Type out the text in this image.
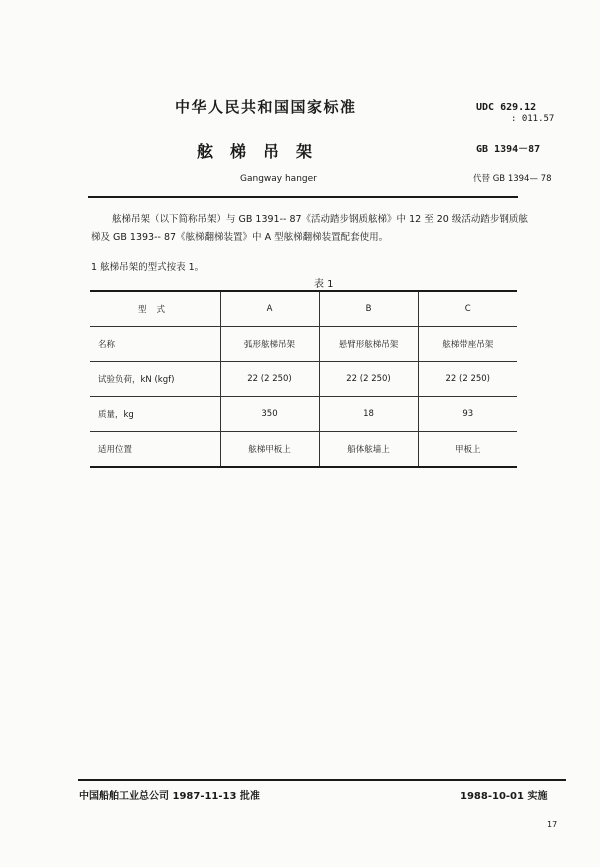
中华人民共和国国家标准
舷梯吊架
Gangway hanger
UDC 629.12
: 011.57
GB 1394－87
代替 GB 1394— 78

舷梯吊架（以下简称吊架）与 GB 1391-- 87《活动踏步钢质舷梯》中 12 至 20 级活动踏步钢质舷梯及 GB 1393-- 87《舷梯翻梯装置》中 A 型舷梯翻梯装置配套使用。

1 舷梯吊架的型式按表 1。
表 1
型式	A	B	C
名称	弧形舷梯吊架	悬臂形舷梯吊架	舷梯带座吊架
试验负荷，kN (kgf)	22 (2 250)	22 (2 250)	22 (2 250)
质量，kg	350	18	93
适用位置	舷梯甲板上	船体舷墙上	甲板上
中国船舶工业总公司 1987-11-13 批准	1988-10-01 实施
17
